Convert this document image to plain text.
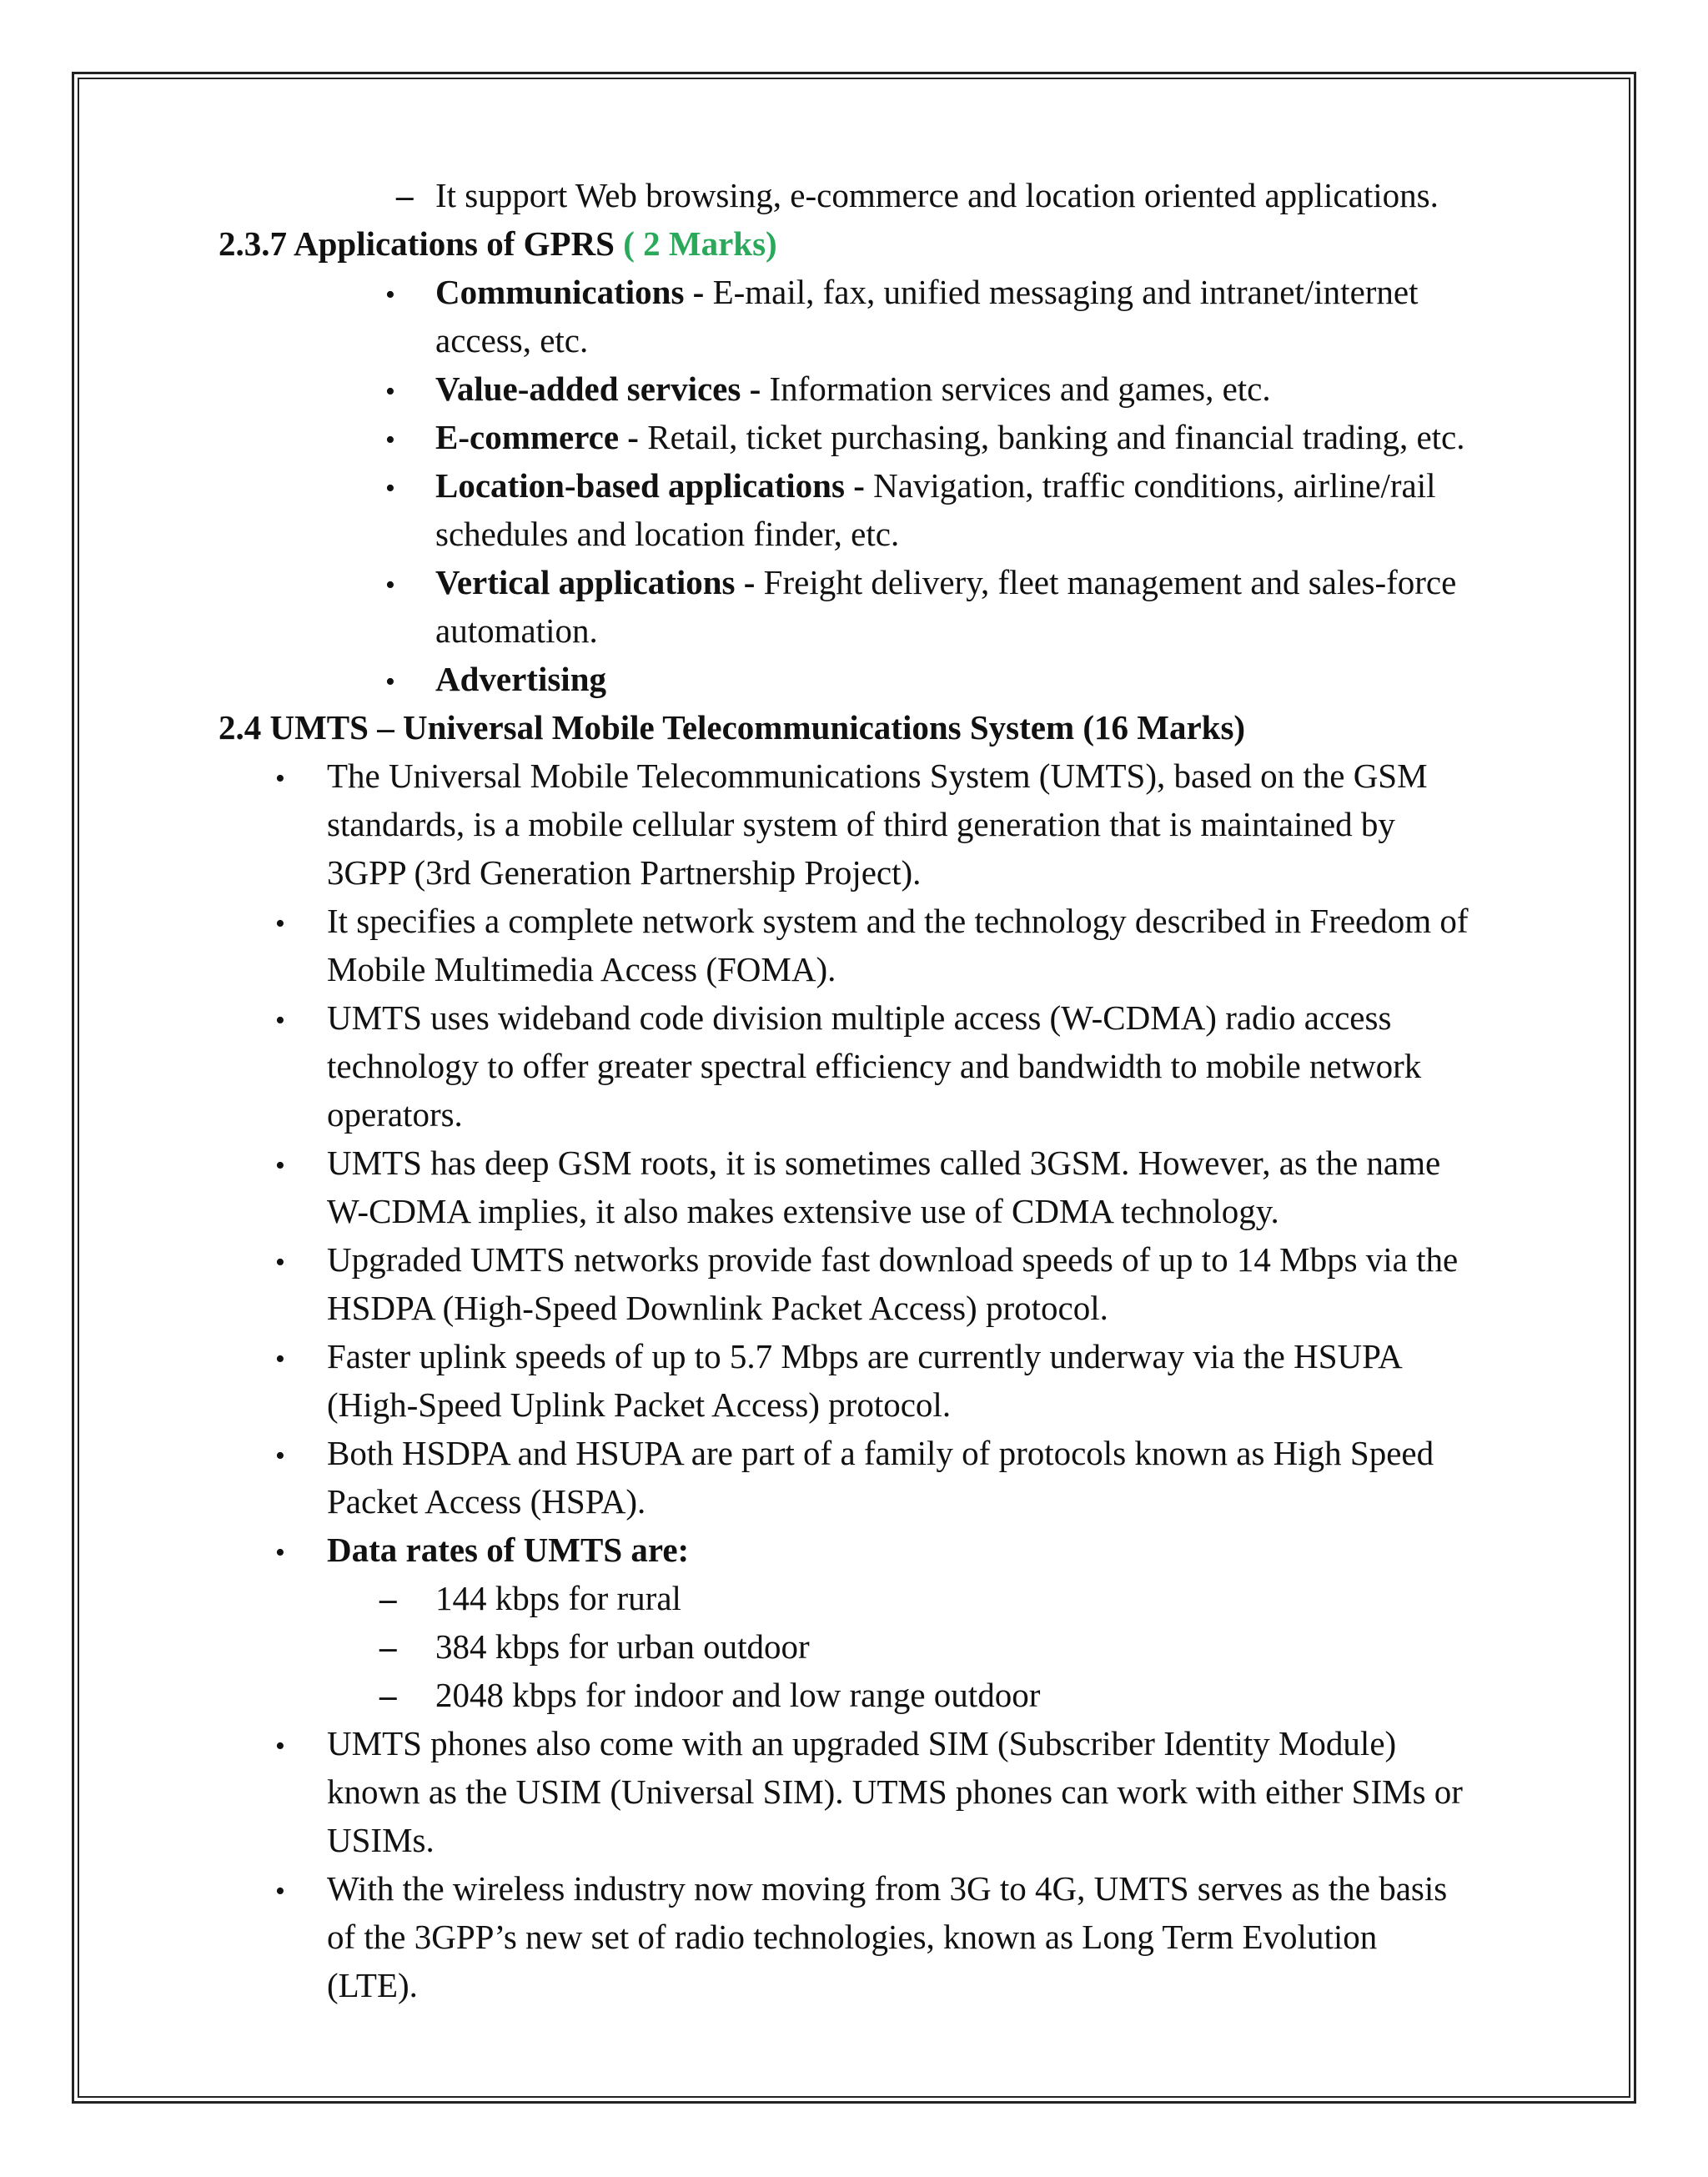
– It support Web browsing, e-commerce and location oriented applications.
2.3.7 Applications of GPRS ( 2 Marks)
• Communications - E-mail, fax, unified messaging and intranet/internet
access, etc.
• Value-added services - Information services and games, etc.
• E-commerce - Retail, ticket purchasing, banking and financial trading, etc.
• Location-based applications - Navigation, traffic conditions, airline/rail
schedules and location finder, etc.
• Vertical applications - Freight delivery, fleet management and sales-force
automation.
• Advertising
2.4 UMTS – Universal Mobile Telecommunications System (16 Marks)
• The Universal Mobile Telecommunications System (UMTS), based on the GSM
standards, is a mobile cellular system of third generation that is maintained by
3GPP (3rd Generation Partnership Project).
• It specifies a complete network system and the technology described in Freedom of
Mobile Multimedia Access (FOMA).
• UMTS uses wideband code division multiple access (W-CDMA) radio access
technology to offer greater spectral efficiency and bandwidth to mobile network
operators.
• UMTS has deep GSM roots, it is sometimes called 3GSM. However, as the name
W-CDMA implies, it also makes extensive use of CDMA technology.
• Upgraded UMTS networks provide fast download speeds of up to 14 Mbps via the
HSDPA (High-Speed Downlink Packet Access) protocol.
• Faster uplink speeds of up to 5.7 Mbps are currently underway via the HSUPA
(High-Speed Uplink Packet Access) protocol.
• Both HSDPA and HSUPA are part of a family of protocols known as High Speed
Packet Access (HSPA).
• Data rates of UMTS are:
– 144 kbps for rural
– 384 kbps for urban outdoor
– 2048 kbps for indoor and low range outdoor
• UMTS phones also come with an upgraded SIM (Subscriber Identity Module)
known as the USIM (Universal SIM). UTMS phones can work with either SIMs or
USIMs.
• With the wireless industry now moving from 3G to 4G, UMTS serves as the basis
of the 3GPP’s new set of radio technologies, known as Long Term Evolution
(LTE).
